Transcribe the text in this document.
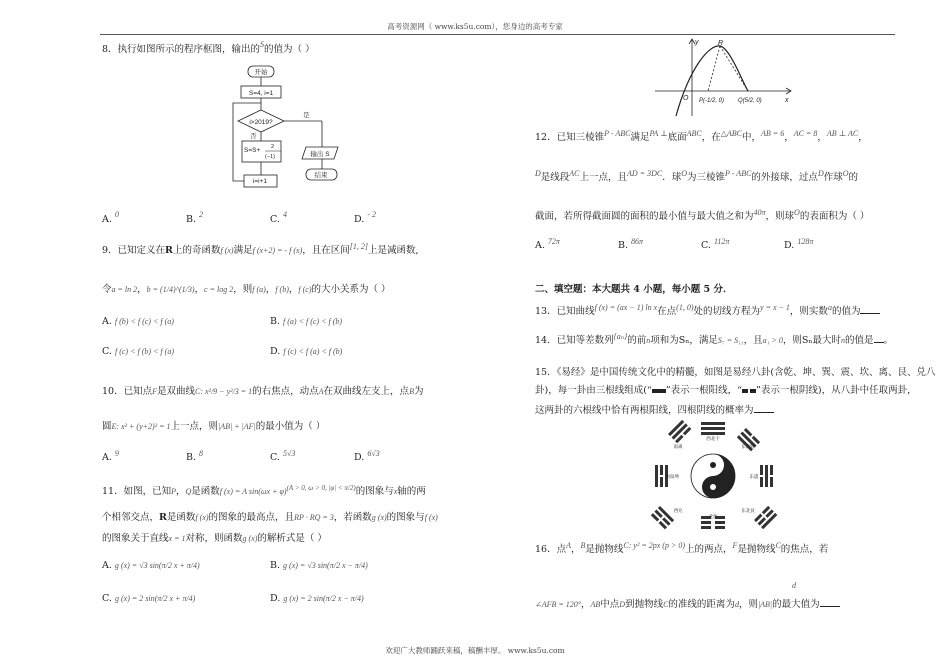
高考资源网（ www.ks5u.com），您身边的高考专家
欢迎广大教师踊跃来稿，稿酬丰厚。 www.ks5u.com
8．执行如图所示的程序框图，输出的$^S$的值为（ ）
开始
S=4, i=1
i>2019?
是
否
S=S+ 2
(−1)
i=i+1
输出 S
结束
A. $^0$	B. $^2$	C. $^4$	D. $^{- 2}$
9．已知定义在R上的奇函数f (x)满足f (x+2) = - f (x)，且在区间[1, 2]上是减函数,
令a = ln 2，b = (1/4)^(1/3)，c = log 2，则f (a)，f (b)，f (c)的大小关系为（ ）
A. f (b) < f (c) < f (a)	B. f (a) < f (c) < f (b)
C. f (c) < f (b) < f (a)	D. f (c) < f (a) < f (b)
10．已知点F是双曲线C: x²/9 − y²/3 = 1的右焦点，动点A在双曲线左支上，点B为
圆E: x² + (y+2)² = 1上一点，则|AB| + |AF|的最小值为（ ）
A. $^9$	B. $^8$	C. $^{5√3}$	D. $^{6√3}$
11．如图，已知P，Q是函数f (x) = A $\sin(\omega x + \varphi)^{(A > 0, \omega > 0, |\varphi| < \pi/2)}$的图象与x轴的两
个相邻交点，R是函数f (x)的图象的最高点，且RP · RQ = 3，若函数g (x)的图象与f (x)
的图象关于直线x = 1对称，则函数g (x)的解析式是（ ）
A. g (x) = √3 sin(π/2 x + π/4)	B. g (x) = √3 sin(π/2 x − π/4)
C. g (x) = 2 sin(π/2 x + π/4)	D. g (x) = 2 sin(π/2 x − π/4)
y
x
O
R
P(-1/2, 0) Q(5/2, 0)
12．已知三棱锥$^{P - ABC}$满足$^{PA \perp}$底面$^{ABC}$，在$^{\triangle ABC}$中，$^{AB = 6}$，$^{AC = 8}$，$^{AB \perp AC}$，
$^D$是线段$^{AC}$上一点，且$^{AD = 3DC}$．球$^O$为三棱锥$^{P - ABC}$的外接球，过点$^D$作球$^O$的
截面，若所得截面圆的面积的最小值与最大值之和为$^{40\pi}$，则球$^O$的表面积为（ ）
A. $^{72\pi}$	B. $^{86\pi}$	C. $^{112\pi}$	D. $^{128\pi}$
二、填空题：本大题共 4 小题，每小题 5 分．
13．已知曲线$^{f (x) = (ax - 1) ln x}$在点$^{(1, 0)}$处的切线方程为$^{y = x - 1}$，则实数$^a$的值为
14．已知等差数列$^{\{a_n\}}$的前n项和为Sₙ，满足S₇ = S₁₁，且a₁ > 0，则Sₙ最大时n的值是 。
15．《易经》是中国传统文化中的精髓，如图是易经八卦(含乾、坤、巽、震、坎、离、艮、兑八
卦)，每一卦由三根线组成(“ ”表示一根阳线，“ ”表示一根阴线)，从八卦中任取两卦，
这两卦的六根线中恰有两根阳线，四根阴线的概率为
西北干
北坎
东北艮
东震
东南巽
南离
西南坤
西兑
16．点$^A$，$^B$是抛物线$^{C: y^2 = 2px (p > 0)}$上的两点，$^F$是抛物线$^C$的焦点，若
d
∠AFB = 120°，AB中点D到抛物线C的准线的距离为d，则|AB|的最大值为
